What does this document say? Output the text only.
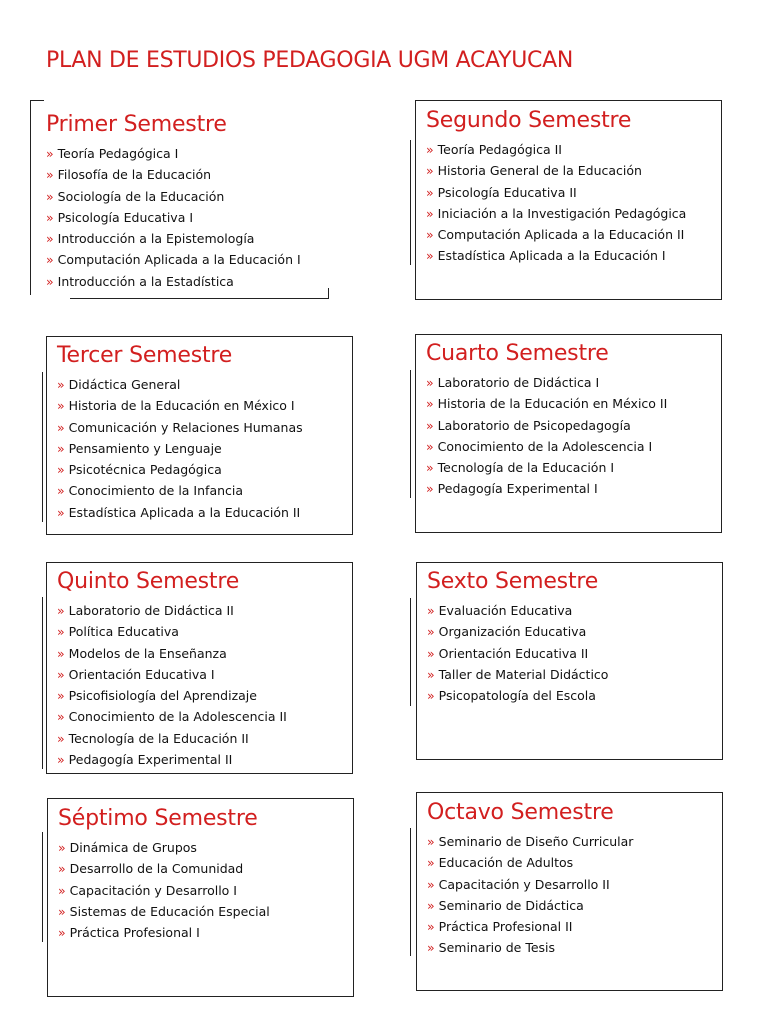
PLAN DE ESTUDIOS PEDAGOGIA UGM ACAYUCAN
Primer Semestre
» Teoría Pedagógica I
» Filosofía de la Educación
» Sociología de la Educación
» Psicología Educativa I
» Introducción a la Epistemología
» Computación Aplicada a la Educación I
» Introducción a la Estadística
Segundo Semestre
» Teoría Pedagógica II
» Historia General de la Educación
» Psicología Educativa II
» Iniciación a la Investigación Pedagógica
» Computación Aplicada a la Educación II
» Estadística Aplicada a la Educación I
Tercer Semestre
» Didáctica General
» Historia de la Educación en México I
» Comunicación y Relaciones Humanas
» Pensamiento y Lenguaje
» Psicotécnica Pedagógica
» Conocimiento de la Infancia
» Estadística Aplicada a la Educación II
Cuarto Semestre
» Laboratorio de Didáctica I
» Historia de la Educación en México II
» Laboratorio de Psicopedagogía
» Conocimiento de la Adolescencia I
» Tecnología de la Educación I
» Pedagogía Experimental I
Quinto Semestre
» Laboratorio de Didáctica II
» Política Educativa
» Modelos de la Enseñanza
» Orientación Educativa I
» Psicofisiología del Aprendizaje
» Conocimiento de la Adolescencia II
» Tecnología de la Educación II
» Pedagogía Experimental II
Sexto Semestre
» Evaluación Educativa
» Organización Educativa
» Orientación Educativa II
» Taller de Material Didáctico
» Psicopatología del Escola
Séptimo Semestre
» Dinámica de Grupos
» Desarrollo de la Comunidad
» Capacitación y Desarrollo I
» Sistemas de Educación Especial
» Práctica Profesional I
Octavo Semestre
» Seminario de Diseño Curricular
» Educación de Adultos
» Capacitación y Desarrollo II
» Seminario de Didáctica
» Práctica Profesional II
» Seminario de Tesis
